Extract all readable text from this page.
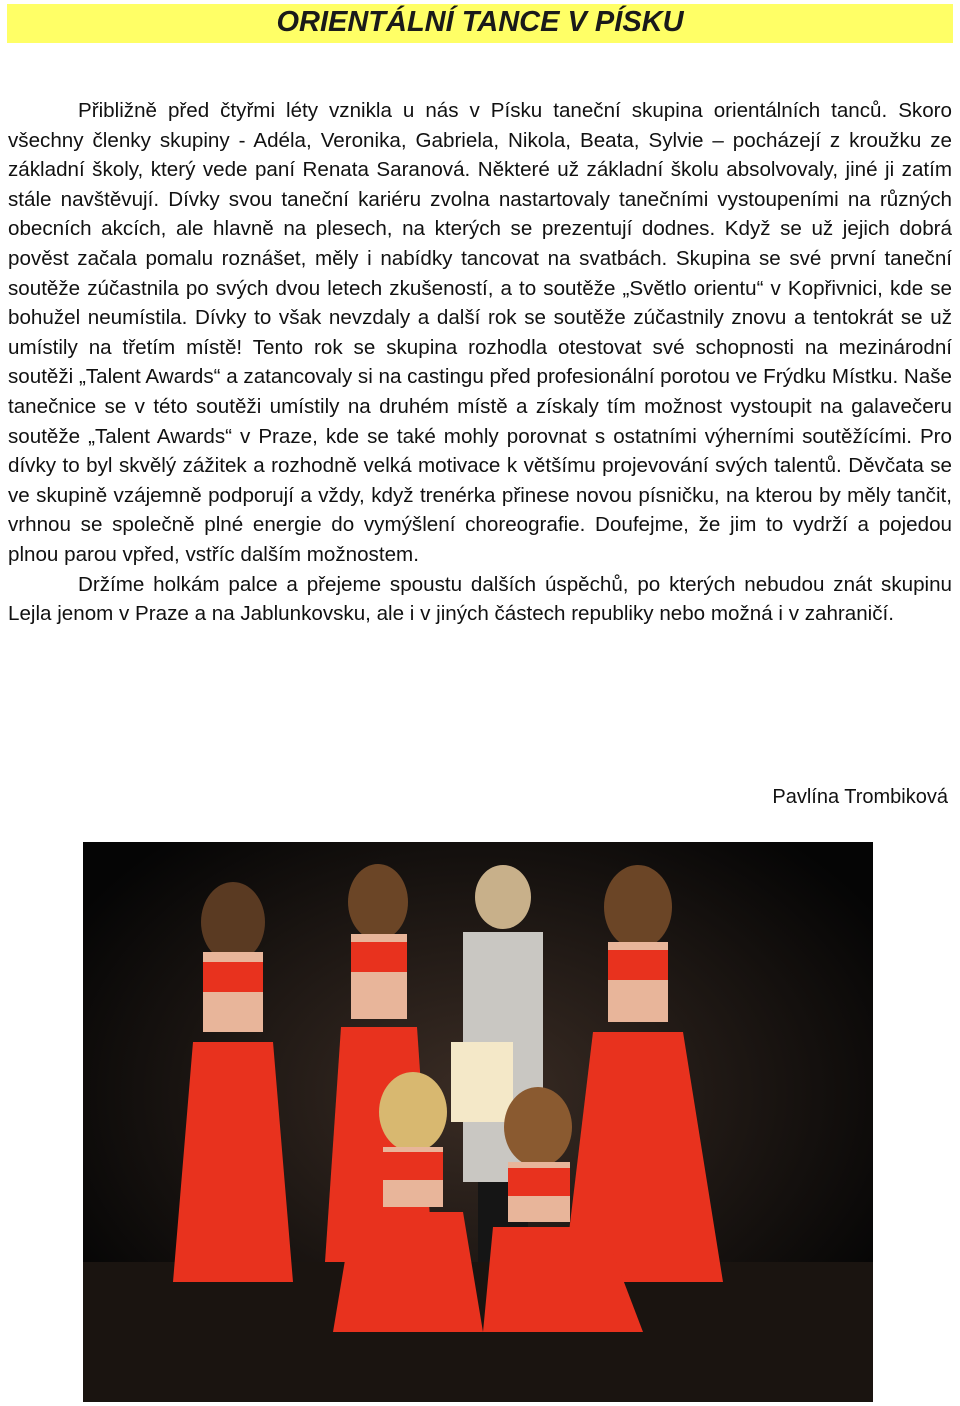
ORIENTÁLNÍ TANCE V PÍSKU

Přibližně před čtyřmi léty vznikla u nás v Písku taneční skupina orientálních tanců. Skoro všechny členky skupiny - Adéla, Veronika, Gabriela, Nikola, Beata, Sylvie – pocházejí z kroužku ze základní školy, který vede paní Renata Saranová. Některé už základní školu absolvovaly, jiné ji zatím stále navštěvují. Dívky svou taneční kariéru zvolna nastartovaly tanečními vystoupeními na různých obecních akcích, ale hlavně na plesech, na kterých se prezentují dodnes. Když se už jejich dobrá pověst začala pomalu roznášet, měly i nabídky tancovat na svatbách. Skupina se své první taneční soutěže zúčastnila po svých dvou letech zkušeností, a to soutěže „Světlo orientu“ v Kopřivnici, kde se bohužel neumístila. Dívky to však nevzdaly a další rok se soutěže zúčastnily znovu a tentokrát se už umístily na třetím místě! Tento rok se skupina rozhodla otestovat své schopnosti na mezinárodní soutěži „Talent Awards“ a zatancovaly si na castingu před profesionální porotou ve Frýdku Místku. Naše tanečnice se v této soutěži umístily na druhém místě a získaly tím možnost vystoupit na galavečeru soutěže „Talent Awards“ v Praze, kde se také mohly porovnat s ostatními výherními soutěžícími. Pro dívky to byl skvělý zážitek a rozhodně velká motivace k většímu projevování svých talentů. Děvčata se ve skupině vzájemně podporují a vždy, když trenérka přinese novou písničku, na kterou by měly tančit, vrhnou se společně plné energie do vymýšlení choreografie. Doufejme, že jim to vydrží a pojedou plnou parou vpřed, vstříc dalším možnostem.

Držíme holkám palce a přejeme spoustu dalších úspěchů, po kterých nebudou znát skupinu Lejla jenom v Praze a na Jablunkovsku, ale i v jiných částech republiky nebo možná i v zahraničí.

Pavlína Trombiková
